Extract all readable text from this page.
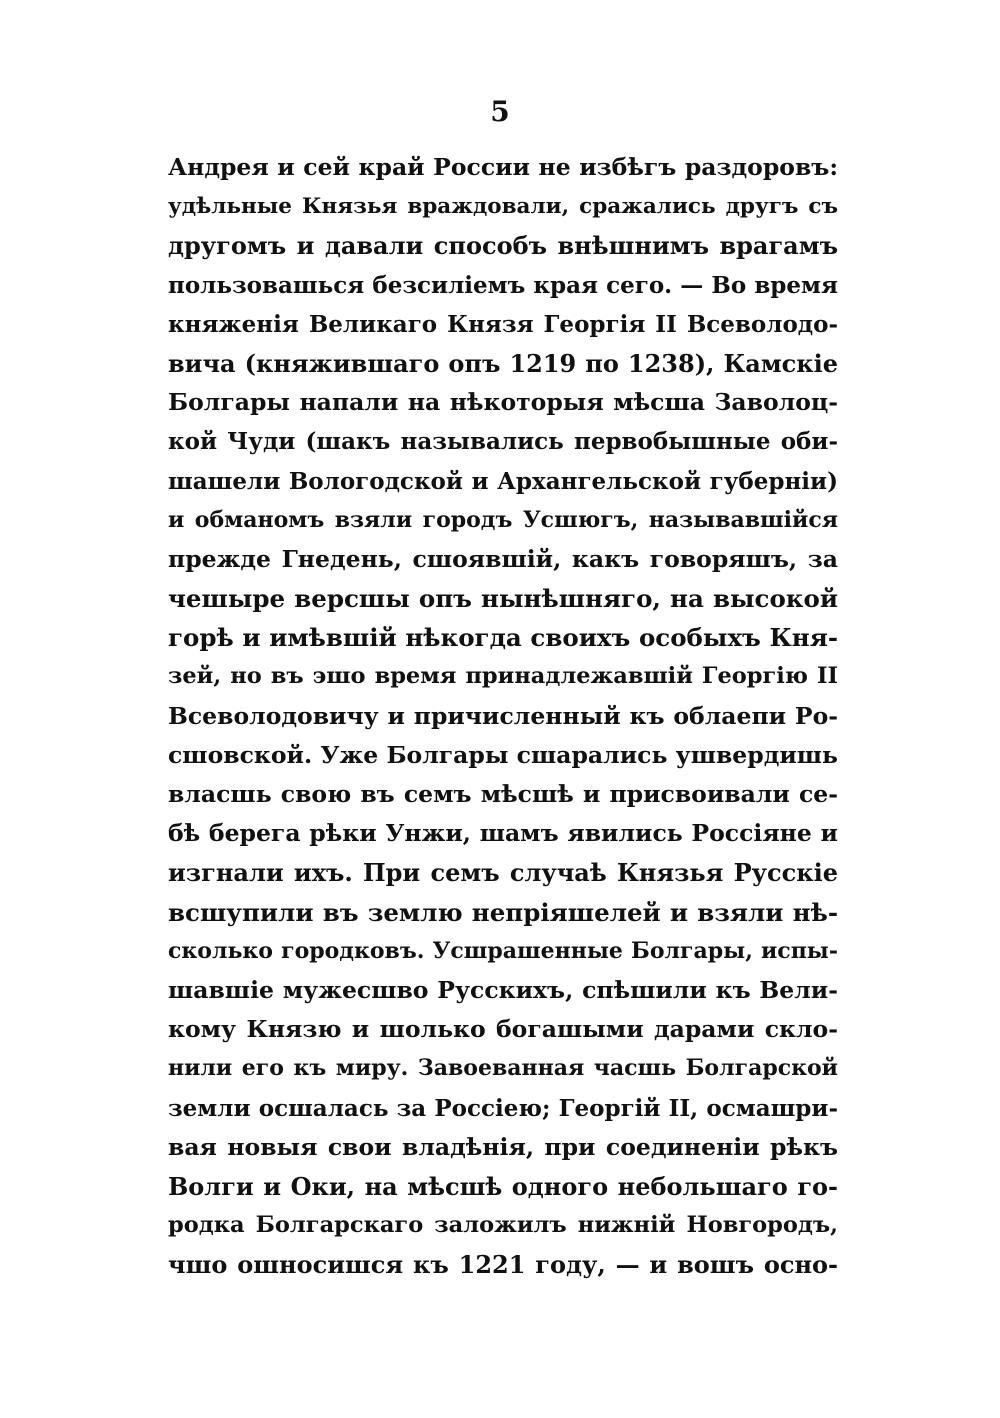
5
Андрея и сей край России не избѣгъ раздоровъ:
удѣльные Князья враждовали, сражались другъ съ
другомъ и давали способъ внѣшнимъ врагамъ
пользовашься безсиліемъ края сего. — Во время
княженія Великаго Князя Георгія II Всеволодо-
вича (княжившаго опъ 1219 по 1238), Камскіе
Болгары напали на нѣкоторыя мѣсша Заволоц-
кой Чуди (шакъ назывались первобышные оби-
шашели Вологодской и Архангельской губерніи)
и обманомъ взяли городъ Усшюгъ, называвшійся
прежде Гнедень, сшоявшій, какъ говоряшъ, за
чешыре версшы опъ нынѣшняго, на высокой
горѣ и имѣвшій нѣкогда своихъ особыхъ Кня-
зей, но въ эшо время принадлежавшій Георгію II
Всеволодовичу и причисленный къ облаепи Ро-
сшовской. Уже Болгары сшарались ушвердишь
власшь свою въ семъ мѣсшѣ и присвоивали се-
бѣ берега рѣки Унжи, шамъ явились Россіяне и
изгнали ихъ. При семъ случаѣ Князья Русскіе
всшупили въ землю непріяшелей и взяли нѣ-
сколько городковъ. Усшрашенные Болгары, испы-
шавшіе мужесшво Русскихъ, спѣшили къ Вели-
кому Князю и шолько богашыми дарами скло-
нили его къ миру. Завоеванная часшь Болгарской
земли осшалась за Россіею; Георгій II, осмашри-
вая новыя свои владѣнія, при соединеніи рѣкъ
Волги и Оки, на мѣсшѣ одного небольшаго го-
родка Болгарскаго заложилъ нижній Новгородъ,
чшо ошносишся къ 1221 году, — и вошъ осно-
